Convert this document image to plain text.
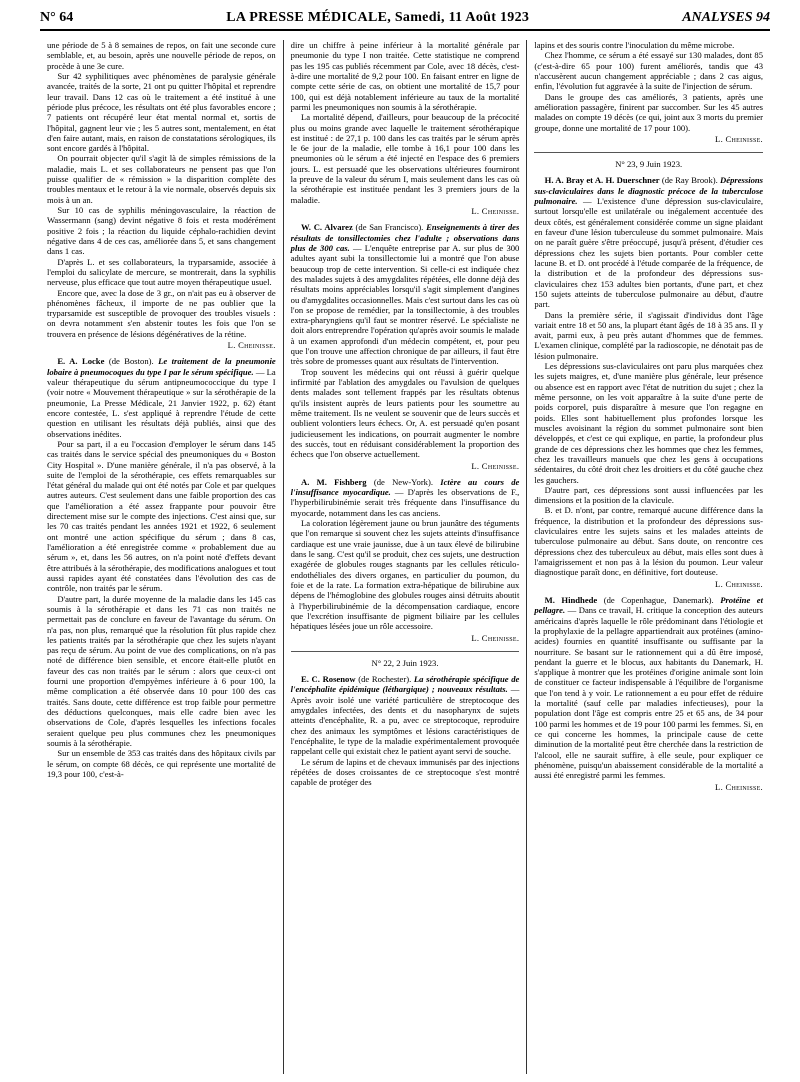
N° 64	LA PRESSE MÉDICALE, Samedi, 11 Août 1923	ANALYSES 94

une période de 5 à 8 semaines de repos, on fait une seconde cure semblable, et, au besoin, après une nouvelle période de repos, on procède à une 3e cure.

Sur 42 syphilitiques avec phénomènes de paralysie générale avancée, traités de la sorte, 21 ont pu quitter l'hôpital et reprendre leur travail. Dans 12 cas où le traitement a été institué à une période plus précoce, les résultats ont été plus favorables encore ; 7 patients ont récupéré leur état mental normal et, sortis de l'hôpital, gagnent leur vie ; les 5 autres sont, mentalement, en état d'en faire autant, mais, en raison de constatations sérologiques, ils sont encore gardés à l'hôpital.

On pourrait objecter qu'il s'agit là de simples rémissions de la maladie, mais L. et ses collaborateurs ne pensent pas que l'on puisse qualifier de « rémission » la disparition complète des troubles mentaux et le retour à la vie normale, observés depuis six mois à un an.

Sur 10 cas de syphilis méningovasculaire, la réaction de Wassermann (sang) devint négative 8 fois et resta modérément positive 2 fois ; la réaction du liquide céphalo-rachidien devint négative dans 4 de ces cas, améliorée dans 5, et sans changement dans 1 cas.

D'après L. et ses collaborateurs, la tryparsamide, associée à l'emploi du salicylate de mercure, se montrerait, dans la syphilis nerveuse, plus efficace que tout autre moyen thérapeutique usuel.

Encore que, avec la dose de 3 gr., on n'ait pas eu à observer de phénomènes fâcheux, il importe de ne pas oublier que la tryparsamide est susceptible de provoquer des troubles visuels : on devra notamment s'en abstenir toutes les fois que l'on se trouvera en présence de lésions dégénératives de la rétine.

L. Cheinisse.

E. A. Locke (de Boston). Le traitement de la pneumonie lobaire à pneumocoques du type I par le sérum spécifique. — La valeur thérapeutique du sérum antipneumococcique du type I (voir notre « Mouvement thérapeutique » sur la sérothérapie de la pneumonie, La Presse Médicale, 21 Janvier 1922, p. 62) étant encore contestée, L. s'est appliqué à reprendre l'étude de cette question en utilisant les résultats déjà publiés, ainsi que des observations inédites.

Pour sa part, il a eu l'occasion d'employer le sérum dans 145 cas traités dans le service spécial des pneumoniques du « Boston City Hospital ». D'une manière générale, il n'a pas observé, à la suite de l'emploi de la sérothérapie, ces effets remarquables sur l'état général du malade qui ont été notés par Cole et par quelques autres auteurs. C'est seulement dans une faible proportion des cas que l'amélioration a été assez frappante pour pouvoir être directement mise sur le compte des injections. C'est ainsi que, sur les 70 cas traités pendant les années 1921 et 1922, 6 seulement ont montré une action spécifique du sérum ; dans 8 cas, l'amélioration a été enregistrée comme « probablement due au sérum », et, dans les 56 autres, on n'a point noté d'effets devant être attribués à la sérothérapie, des modifications analogues et tout aussi rapides ayant été constatées dans l'évolution des cas de contrôle, non traités par le sérum.

D'autre part, la durée moyenne de la maladie dans les 145 cas soumis à la sérothérapie et dans les 71 cas non traités ne permettait pas de conclure en faveur de l'avantage du sérum. On n'a pas, non plus, remarqué que la résolution fût plus rapide chez les patients traités par la sérothérapie que chez les sujets n'ayant pas reçu de sérum. Au point de vue des complications, on n'a pas noté de différence bien sensible, et encore était-elle plutôt en faveur des cas non traités par le sérum : alors que ceux-ci ont fourni une proportion d'empyèmes inférieure à 6 pour 100, la même complication a été observée dans 10 pour 100 des cas traités. Sans doute, cette différence est trop faible pour permettre des déductions quelconques, mais elle cadre bien avec les observations de Cole, d'après lesquelles les infections focales seraient quelque peu plus communes chez les pneumoniques soumis à la sérothérapie.

Sur un ensemble de 353 cas traités dans des hôpitaux civils par le sérum, on compte 68 décès, ce qui représente une mortalité de 19,3 pour 100, c'est-à-

dire un chiffre à peine inférieur à la mortalité générale par pneumonie du type I non traitée. Cette statistique ne comprend pas les 195 cas publiés récemment par Cole, avec 18 décès, c'est-à-dire une mortalité de 9,2 pour 100. En faisant entrer en ligne de compte cette série de cas, on obtient une mortalité de 15,7 pour 100, qui est déjà notablement inférieure au taux de la mortalité parmi les pneumoniques non soumis à la sérothérapie.

La mortalité dépend, d'ailleurs, pour beaucoup de la précocité plus ou moins grande avec laquelle le traitement sérothérapique est institué : de 27,1 p. 100 dans les cas traités par le sérum après le 6e jour de la maladie, elle tombe à 16,1 pour 100 dans les pneumonies où le sérum a été injecté en l'espace des 6 premiers jours. L. est persuadé que les observations ultérieures fourniront la preuve de la valeur du sérum I, mais seulement dans les cas où la sérothérapie est instituée pendant les 3 premiers jours de la maladie.

L. Cheinisse.

W. C. Alvarez (de San Francisco). Enseignements à tirer des résultats de tonsillectomies chez l'adulte ; observations dans plus de 300 cas. — L'enquête entreprise par A. sur plus de 300 adultes ayant subi la tonsillectomie lui a montré que l'on abuse beaucoup trop de cette intervention. Si celle-ci est indiquée chez des malades sujets à des amygdalites répétées, elle donne déjà des résultats moins appréciables lorsqu'il s'agit simplement d'angines ou d'amygdalites occasionnelles. Mais c'est surtout dans les cas où l'on se propose de remédier, par la tonsillectomie, à des troubles extra-pharyngiens qu'il faut se montrer réservé. Le spécialiste ne doit alors entreprendre l'opération qu'après avoir soumis le malade à un examen approfondi d'un médecin compétent, et, pour peu que l'on trouve une affection chronique de par ailleurs, il faut être très sobre de promesses quant aux résultats de l'intervention.

Trop souvent les médecins qui ont réussi à guérir quelque infirmité par l'ablation des amygdales ou l'avulsion de quelques dents malades sont tellement frappés par les résultats obtenus qu'ils insistent auprès de leurs patients pour les soumettre au même traitement. Ils ne veulent se souvenir que de leurs succès et oublient volontiers leurs échecs. Or, A. est persuadé qu'en posant judicieusement les indications, on pourrait augmenter le nombre des succès, tout en réduisant considérablement la proportion des échecs que l'on observe actuellement.

L. Cheinisse.

A. M. Fishberg (de New-York). Ictère au cours de l'insuffisance myocardique. — D'après les observations de F., l'hyperbilirubinémie serait très fréquente dans l'insuffisance du myocarde, notamment dans les cas anciens.

La coloration légèrement jaune ou brun jaunâtre des téguments que l'on remarque si souvent chez les sujets atteints d'insuffisance cardiaque est une vraie jaunisse, due à un taux élevé de bilirubine dans le sang. C'est qu'il se produit, chez ces sujets, une destruction exagérée de globules rouges stagnants par les cellules réticulo-endothéliales des divers organes, en particulier du poumon, du foie et de la rate. La formation extra-hépatique de bilirubine aux dépens de l'hémoglobine des globules rouges ainsi détruits aboutit à l'hyperbilirubinémie de la décompensation cardiaque, encore que l'excrétion insuffisante de pigment biliaire par les cellules hépatiques lésées joue un rôle accessoire.

L. Cheinisse.

N° 22, 2 Juin 1923.

E. C. Rosenow (de Rochester). La sérothérapie spécifique de l'encéphalite épidémique (léthargique) ; nouveaux résultats. — Après avoir isolé une variété particulière de streptocoque des amygdales infectées, des dents et du nasopharynx de sujets atteints d'encéphalite, R. a pu, avec ce streptocoque, reproduire chez des animaux les symptômes et lésions caractéristiques de l'encéphalite, le type de la maladie expérimentalement provoquée rappelant celle qui existait chez le patient ayant servi de souche.

Le sérum de lapins et de chevaux immunisés par des injections répétées de doses croissantes de ce streptocoque s'est montré capable de protéger des

lapins et des souris contre l'inoculation du même microbe.

Chez l'homme, ce sérum a été essayé sur 130 malades, dont 85 (c'est-à-dire 65 pour 100) furent améliorés, tandis que 43 n'accusèrent aucun changement appréciable ; dans 2 cas aigus, enfin, l'évolution fut aggravée à la suite de l'injection de sérum.

Dans le groupe des cas améliorés, 3 patients, après une amélioration passagère, finirent par succomber. Sur les 45 autres malades on compte 19 décès (ce qui, joint aux 3 morts du premier groupe, donne une mortalité de 17 pour 100).

L. Cheinisse.

N° 23, 9 Juin 1923.

H. A. Bray et A. H. Duerschner (de Ray Brook). Dépressions sus-claviculaires dans le diagnostic précoce de la tuberculose pulmonaire. — L'existence d'une dépression sus-claviculaire, surtout lorsqu'elle est unilatérale ou inégalement accentuée des deux côtés, est généralement considérée comme un signe plaidant en faveur d'une lésion tuberculeuse du sommet pulmonaire. Mais on ne paraît guère s'être préoccupé, jusqu'à présent, d'étudier ces dépressions chez les sujets bien portants. Pour combler cette lacune B. et D. ont procédé à l'étude comparée de la fréquence, de la distribution et de la profondeur des dépressions sus-claviculaires chez 153 adultes bien portants, d'une part, et chez 150 sujets atteints de tuberculose pulmonaire au début, d'autre part.

Dans la première série, il s'agissait d'individus dont l'âge variait entre 18 et 50 ans, la plupart étant âgés de 18 à 35 ans. Il y avait, parmi eux, à peu près autant d'hommes que de femmes. L'examen clinique, complété par la radioscopie, ne dénotait pas de lésion pulmonaire.

Les dépressions sus-claviculaires ont paru plus marquées chez les sujets maigres, et, d'une manière plus générale, leur présence ou absence est en rapport avec l'état de nutrition du sujet ; chez la même personne, on les voit apparaître à la suite d'une perte de poids corporel, puis disparaître à mesure que l'on regagne en poids. Elles sont habituellement plus profondes lorsque les muscles avoisinant la région du sommet pulmonaire sont bien développés, et c'est ce qui explique, en partie, la profondeur plus grande de ces dépressions chez les hommes que chez les femmes, chez les travailleurs manuels que chez les gens à occupations sédentaires, du côté droit chez les droitiers et du côté gauche chez les gauchers.

D'autre part, ces dépressions sont aussi influencées par les dimensions et la position de la clavicule.

B. et D. n'ont, par contre, remarqué aucune différence dans la fréquence, la distribution et la profondeur des dépressions sus-claviculaires entre les sujets sains et les malades atteints de tuberculose pulmonaire au début. Sans doute, on rencontre ces dépressions chez des tuberculeux au début, mais elles sont dues à l'amaigrissement et non pas à la lésion du poumon. Leur valeur diagnostique paraît donc, en définitive, fort douteuse.

L. Cheinisse.

M. Hindhede (de Copenhague, Danemark). Protéine et pellagre. — Dans ce travail, H. critique la conception des auteurs américains d'après laquelle le rôle prédominant dans l'étiologie et la prophylaxie de la pellagre appartiendrait aux protéines (amino-acides) fournies en quantité insuffisante ou suffisante par la nourriture. Se basant sur le rationnement qui a dû être imposé, pendant la guerre et le blocus, aux habitants du Danemark, H. s'applique à montrer que les protéines d'origine animale sont loin de constituer ce facteur indispensable à l'équilibre de l'organisme que l'on tend à y voir. Le rationnement a eu pour effet de réduire la mortalité (sauf celle par maladies infectieuses), pour la population dont l'âge est compris entre 25 et 65 ans, de 34 pour 100 parmi les hommes et de 19 pour 100 parmi les femmes. Si, en ce qui concerne les hommes, la principale cause de cette diminution de la mortalité peut être cherchée dans la restriction de l'alcool, elle ne saurait suffire, à elle seule, pour expliquer ce phénomène, puisqu'un abaissement considérable de la mortalité a aussi été enregistré parmi les femmes.

L. Cheinisse.
